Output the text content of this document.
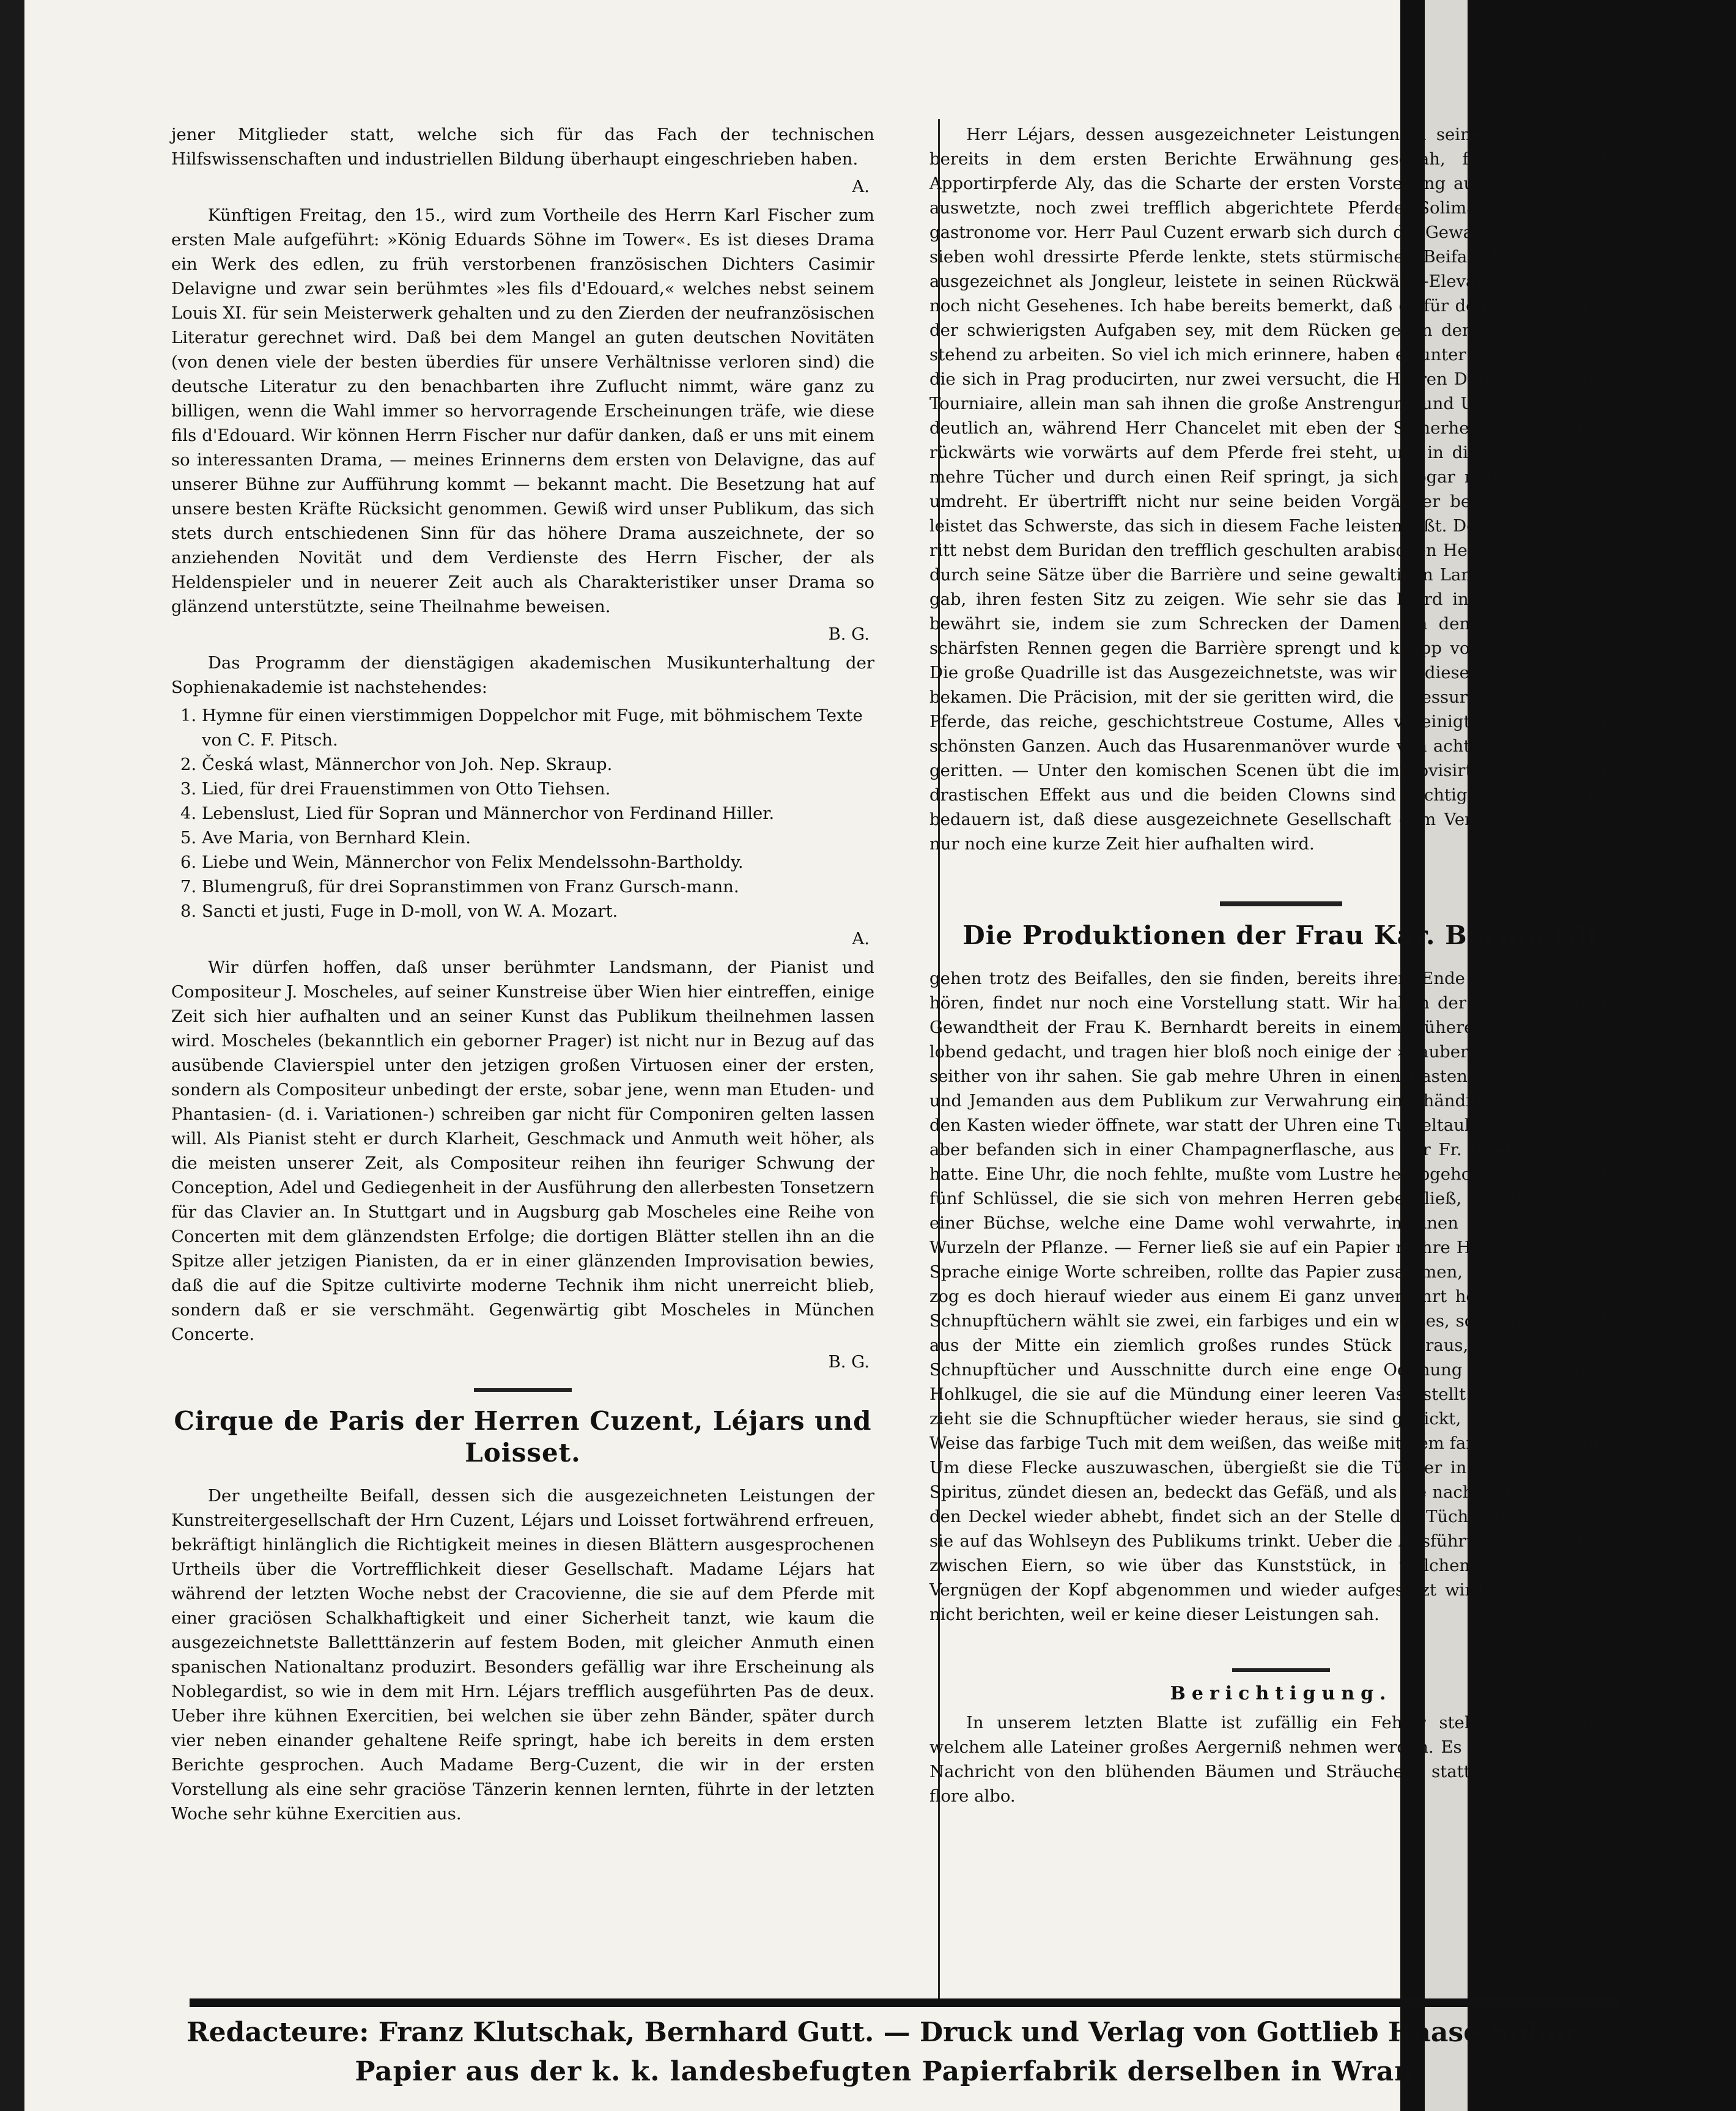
jener Mitglieder statt, welche sich für das Fach der technischen Hilfswissenschaften und industriellen Bildung überhaupt eingeschrieben haben.

A.

Künftigen Freitag, den 15., wird zum Vortheile des Herrn Karl Fischer zum ersten Male aufgeführt: »König Eduards Söhne im Tower«. Es ist dieses Drama ein Werk des edlen, zu früh verstorbenen französischen Dichters Casimir Delavigne und zwar sein berühmtes »les fils d'Edouard,« welches nebst seinem Louis XI. für sein Meisterwerk gehalten und zu den Zierden der neufranzösischen Literatur gerechnet wird. Daß bei dem Mangel an guten deutschen Novitäten (von denen viele der besten überdies für unsere Verhältnisse verloren sind) die deutsche Literatur zu den benachbarten ihre Zuflucht nimmt, wäre ganz zu billigen, wenn die Wahl immer so hervorragende Erscheinungen träfe, wie diese fils d'Edouard. Wir können Herrn Fischer nur dafür danken, daß er uns mit einem so interessanten Drama, — meines Erinnerns dem ersten von Delavigne, das auf unserer Bühne zur Aufführung kommt — bekannt macht. Die Besetzung hat auf unsere besten Kräfte Rücksicht genommen. Gewiß wird unser Publikum, das sich stets durch entschiedenen Sinn für das höhere Drama auszeichnete, der so anziehenden Novität und dem Verdienste des Herrn Fischer, der als Heldenspieler und in neuerer Zeit auch als Charakteristiker unser Drama so glänzend unterstützte, seine Theilnahme beweisen.

B. G.

Das Programm der dienstägigen akademischen Musikunterhaltung der Sophienakademie ist nachstehendes:

1. Hymne für einen vierstimmigen Doppelchor mit Fuge, mit böhmischem Texte von C. F. Pitsch.
2. Česká wlast, Männerchor von Joh. Nep. Skraup.
3. Lied, für drei Frauenstimmen von Otto Tiehsen.
4. Lebenslust, Lied für Sopran und Männerchor von Ferdinand Hiller.
5. Ave Maria, von Bernhard Klein.
6. Liebe und Wein, Männerchor von Felix Mendelssohn-Bartholdy.
7. Blumengruß, für drei Sopranstimmen von Franz Gursch-mann.
8. Sancti et justi, Fuge in D-moll, von W. A. Mozart.
A.

Wir dürfen hoffen, daß unser berühmter Landsmann, der Pianist und Compositeur J. Moscheles, auf seiner Kunstreise über Wien hier eintreffen, einige Zeit sich hier aufhalten und an seiner Kunst das Publikum theilnehmen lassen wird. Moscheles (bekanntlich ein geborner Prager) ist nicht nur in Bezug auf das ausübende Clavierspiel unter den jetzigen großen Virtuosen einer der ersten, sondern als Compositeur unbedingt der erste, sobar jene, wenn man Etuden- und Phantasien- (d. i. Variationen-) schreiben gar nicht für Componiren gelten lassen will. Als Pianist steht er durch Klarheit, Geschmack und Anmuth weit höher, als die meisten unserer Zeit, als Compositeur reihen ihn feuriger Schwung der Conception, Adel und Gediegenheit in der Ausführung den allerbesten Tonsetzern für das Clavier an. In Stuttgart und in Augsburg gab Moscheles eine Reihe von Concerten mit dem glänzendsten Erfolge; die dortigen Blätter stellen ihn an die Spitze aller jetzigen Pianisten, da er in einer glänzenden Improvisation bewies, daß die auf die Spitze cultivirte moderne Technik ihm nicht unerreicht blieb, sondern daß er sie verschmäht. Gegenwärtig gibt Moscheles in München Concerte.

B. G.
Cirque de Paris der Herren Cuzent, Léjars und Loisset.

Der ungetheilte Beifall, dessen sich die ausgezeichneten Leistungen der Kunstreitergesellschaft der Hrn Cuzent, Léjars und Loisset fortwährend erfreuen, bekräftigt hinlänglich die Richtigkeit meines in diesen Blättern ausgesprochenen Urtheils über die Vortrefflichkeit dieser Gesellschaft. Madame Léjars hat während der letzten Woche nebst der Cracovienne, die sie auf dem Pferde mit einer graciösen Schalkhaftigkeit und einer Sicherheit tanzt, wie kaum die ausgezeichnetste Balletttänzerin auf festem Boden, mit gleicher Anmuth einen spanischen Nationaltanz produzirt. Besonders gefällig war ihre Erscheinung als Noblegardist, so wie in dem mit Hrn. Léjars trefflich ausgeführten Pas de deux. Ueber ihre kühnen Exercitien, bei welchen sie über zehn Bänder, später durch vier neben einander gehaltene Reife springt, habe ich bereits in dem ersten Berichte gesprochen. Auch Madame Berg-Cuzent, die wir in der ersten Vorstellung als eine sehr graciöse Tänzerin kennen lernten, führte in der letzten Woche sehr kühne Exercitien aus.

Herr Léjars, dessen ausgezeichneter Leistungen in seinem Course rapide bereits in dem ersten Berichte Erwähnung geschah, führte nebst dem Apportirpferde Aly, das die Scharte der ersten Vorstellung auf das Rühmlichste auswetzte, noch zwei trefflich abgerichtete Pferde Soliman und le cheval gastronome vor. Herr Paul Cuzent erwarb sich durch die Gewandtheit, mit der er sieben wohl dressirte Pferde lenkte, stets stürmischen Beifall. Herr Chancelet, ausgezeichnet als Jongleur, leistete in seinen Rückwärts-Elevationen bisher hier noch nicht Gesehenes. Ich habe bereits bemerkt, daß es für den Kunstreiter eine der schwierigsten Aufgaben sey, mit dem Rücken gegen den Kopf des Pferdes stehend zu arbeiten. So viel ich mich erinnere, haben es unter allen Kunstreitern, die sich in Prag producirten, nur zwei versucht, die Herren Dumos und François Tourniaire, allein man sah ihnen die große Anstrengung und Unsicherheit nur zu deutlich an, während Herr Chancelet mit eben der Sicherheit und Leichtigkeit rückwärts wie vorwärts auf dem Pferde frei steht, und in dieser Stellung über mehre Tücher und durch einen Reif springt, ja sich sogar mitten im Sprunge umdreht. Er übertrifft nicht nur seine beiden Vorgänger bei weitem, sondern leistet das Schwerste, das sich in diesem Fache leisten läßt. Dem. Pauline Cuzent ritt nebst dem Buridan den trefflich geschulten arabischen Hengst Auriol, der ihr durch seine Sätze über die Barrière und seine gewaltigen Lancaden Gelegenheit gab, ihren festen Sitz zu zeigen. Wie sehr sie das Pferd in ihrer Gewalt hat, bewährt sie, indem sie zum Schrecken der Damen in den ersten Sitzen im schärfsten Rennen gegen die Barrière sprengt und knapp vor derselben parirt. Die große Quadrille ist das Ausgezeichnetste, was wir in dieser Art hier zu sehen bekamen. Die Präcision, mit der sie geritten wird, die Dressur und Schönheit der Pferde, das reiche, geschichtstreue Costume, Alles vereinigt sich hier zu dem schönsten Ganzen. Auch das Husarenmanöver wurde von acht Damen recht brav geritten. — Unter den komischen Scenen übt die improvisirte Cavallerie einen drastischen Effekt aus und die beiden Clowns sind tüchtige Gymnastiker. Zu bedauern ist, daß diese ausgezeichnete Gesellschaft dem Vernehmen nach sich nur noch eine kurze Zeit hier aufhalten wird.

H.
Die Produktionen der Frau Kar. Bernhardt

gehen trotz des Beifalles, den sie finden, bereits ihrem Ende entgegen. Wie wir hören, findet nur noch eine Vorstellung statt. Wir haben der außerordentlichen Gewandtheit der Frau K. Bernhardt bereits in einem früheren Artikel (N. 131) lobend gedacht, und tragen hier bloß noch einige der »Zaubereien« nach, die wir seither von ihr sahen. Sie gab mehre Uhren in einen Kasten, der verschlossen, und Jemanden aus dem Publikum zur Verwahrung eingehändigt wurde. Als man den Kasten wieder öffnete, war statt der Uhren eine Turteltaube darin, die Uhren aber befanden sich in einer Champagnerflasche, aus der Fr. B. eben getrunken hatte. Eine Uhr, die noch fehlte, mußte vom Lustre herabgeholt werden. — Etwa fünf Schlüssel, die sie sich von mehren Herren geben ließ, prakticirte sie aus einer Büchse, welche eine Dame wohl verwahrte, in einen Blumentopf an die Wurzeln der Pflanze. — Ferner ließ sie auf ein Papier mehre Herren in beliebiger Sprache einige Worte schreiben, rollte das Papier zusammen, verbrannte es, und zog es doch hierauf wieder aus einem Ei ganz unversehrt heraus. Aus mehren Schnupftüchern wählt sie zwei, ein farbiges und ein weißes, schneidet von jedem aus der Mitte ein ziemlich großes rundes Stück heraus, und stopft dann Schnupftücher und Ausschnitte durch eine enge Oeffnung in eine metallene Hohlkugel, die sie auf die Mündung einer leeren Vase stellt. Nach einer Weile zieht sie die Schnupftücher wieder heraus, sie sind geflickt, aber unglücklicher Weise das farbige Tuch mit dem weißen, das weiße mit dem farbigen Ausschnitte. Um diese Flecke auszuwaschen, übergießt sie die Tücher in einem Gefäße mit Spiritus, zündet diesen an, bedeckt das Gefäß, und als sie nach einigen Sekunden den Deckel wieder abhebt, findet sich an der Stelle der Tücher Punsch vor, den sie auf das Wohlseyn des Publikums trinkt. Ueber die Ausführung des Solotanzes zwischen Eiern, so wie über das Kunststück, in welchem »Jemanden zum Vergnügen der Kopf abgenommen und wieder aufgesetzt wird«, kann Referent nicht berichten, weil er keine dieser Leistungen sah.

—C.
Berichtigung.

In unserem letzten Blatte ist zufällig ein Fehler stehen geblieben, an welchem alle Lateiner großes Aergerniß nehmen werden. Es soll nämlich in der Nachricht von den blühenden Bäumen und Sträuchern statt floro albo heißen flore albo.

Redacteure: Franz Klutschak, Bernhard Gutt. — Druck und Verlag von Gottlieb Haase Söhne.
Papier aus der k. k. landesbefugten Papierfabrik derselben in Wran.
